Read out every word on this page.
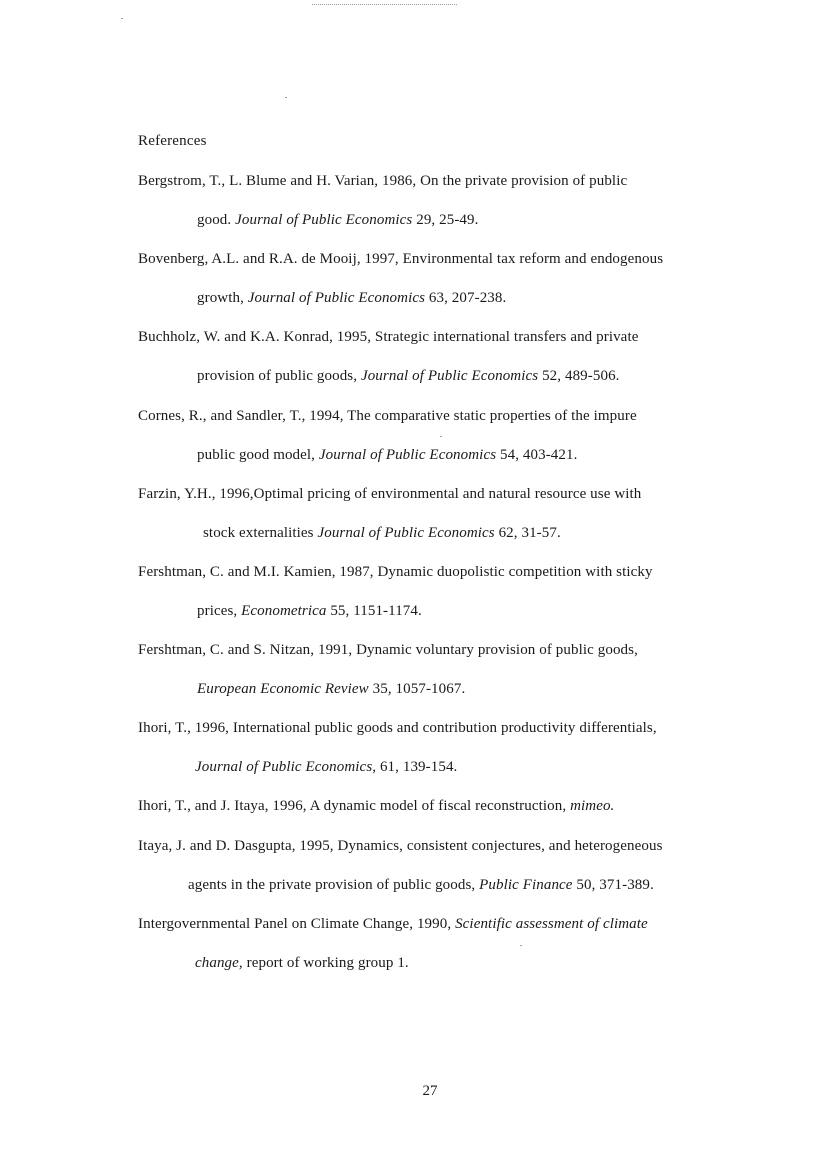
References
Bergstrom, T., L. Blume and H. Varian, 1986, On the private provision of public
good. Journal of Public Economics 29, 25-49.
Bovenberg, A.L. and R.A. de Mooij, 1997, Environmental tax reform and endogenous
growth, Journal of Public Economics 63, 207-238.
Buchholz, W. and K.A. Konrad, 1995, Strategic international transfers and private
provision of public goods, Journal of Public Economics 52, 489-506.
Cornes, R., and Sandler, T., 1994, The comparative static properties of the impure
public good model, Journal of Public Economics 54, 403-421.
Farzin, Y.H., 1996,Optimal pricing of environmental and natural resource use with
stock externalities Journal of Public Economics 62, 31-57.
Fershtman, C. and M.I. Kamien, 1987, Dynamic duopolistic competition with sticky
prices, Econometrica 55, 1151-1174.
Fershtman, C. and S. Nitzan, 1991, Dynamic voluntary provision of public goods,
European Economic Review 35, 1057-1067.
Ihori, T., 1996, International public goods and contribution productivity differentials,
Journal of Public Economics, 61, 139-154.
Ihori, T., and J. Itaya, 1996, A dynamic model of fiscal reconstruction, mimeo.
Itaya, J. and D. Dasgupta, 1995, Dynamics, consistent conjectures, and heterogeneous
agents in the private provision of public goods, Public Finance 50, 371-389.
Intergovernmental Panel on Climate Change, 1990, Scientific assessment of climate
change, report of working group 1.
27
